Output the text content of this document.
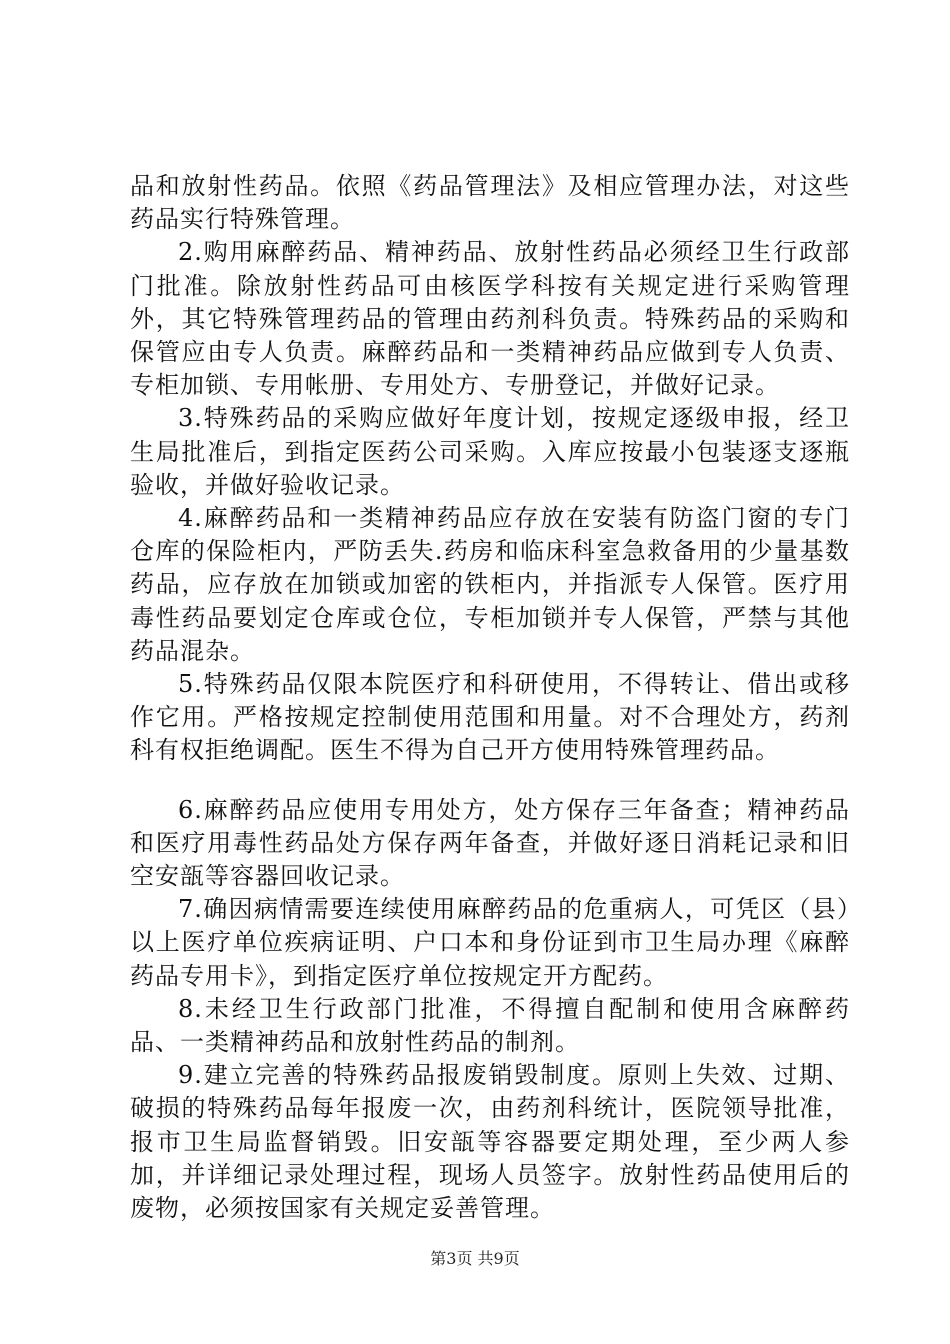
品和放射性药品。依照《药品管理法》及相应管理办法，对这些药品实行特殊管理。

2.购用麻醉药品、精神药品、放射性药品必须经卫生行政部门批准。除放射性药品可由核医学科按有关规定进行采购管理外，其它特殊管理药品的管理由药剂科负责。特殊药品的采购和保管应由专人负责。麻醉药品和一类精神药品应做到专人负责、专柜加锁、专用帐册、专用处方、专册登记，并做好记录。

3.特殊药品的采购应做好年度计划，按规定逐级申报，经卫生局批准后，到指定医药公司采购。入库应按最小包装逐支逐瓶验收，并做好验收记录。

4.麻醉药品和一类精神药品应存放在安装有防盗门窗的专门仓库的保险柜内，严防丢失.药房和临床科室急救备用的少量基数药品，应存放在加锁或加密的铁柜内，并指派专人保管。医疗用毒性药品要划定仓库或仓位，专柜加锁并专人保管，严禁与其他药品混杂。

5.特殊药品仅限本院医疗和科研使用，不得转让、借出或移作它用。严格按规定控制使用范围和用量。对不合理处方，药剂科有权拒绝调配。医生不得为自己开方使用特殊管理药品。

6.麻醉药品应使用专用处方，处方保存三年备查；精神药品和医疗用毒性药品处方保存两年备查，并做好逐日消耗记录和旧空安瓿等容器回收记录。

7.确因病情需要连续使用麻醉药品的危重病人，可凭区（县）以上医疗单位疾病证明、户口本和身份证到市卫生局办理《麻醉药品专用卡》，到指定医疗单位按规定开方配药。

8.未经卫生行政部门批准，不得擅自配制和使用含麻醉药品、一类精神药品和放射性药品的制剂。

9.建立完善的特殊药品报废销毁制度。原则上失效、过期、破损的特殊药品每年报废一次，由药剂科统计，医院领导批准，报市卫生局监督销毁。旧安瓿等容器要定期处理，至少两人参加，并详细记录处理过程，现场人员签字。放射性药品使用后的废物，必须按国家有关规定妥善管理。

第3页 共9页
